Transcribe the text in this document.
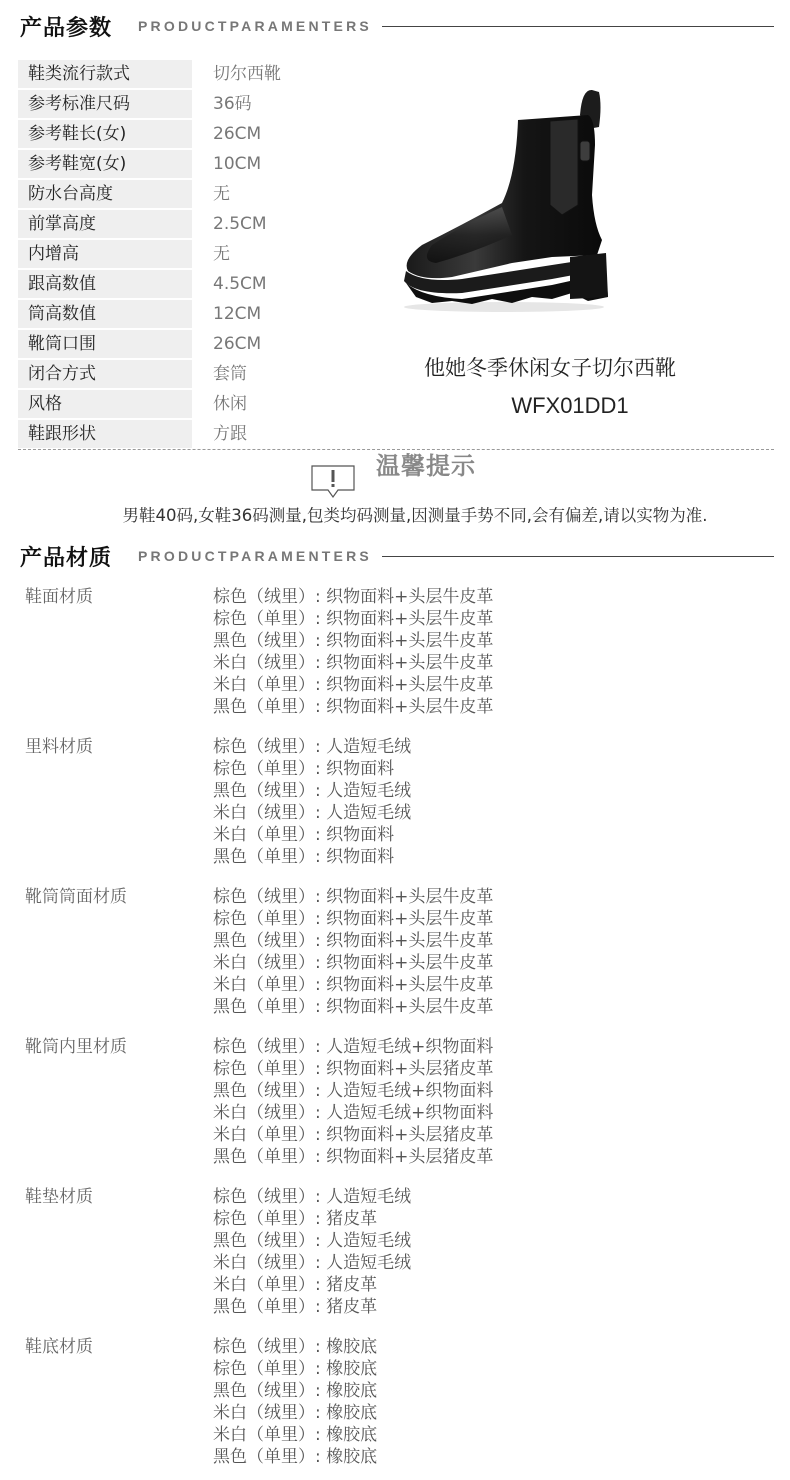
产品参数 PRODUCTPARAMENTERS
鞋类流行款式	切尔西靴
参考标准尺码	36码
参考鞋长(女)	26CM
参考鞋宽(女)	10CM
防水台高度	无
前掌高度	2.5CM
内增高	无
跟高数值	4.5CM
筒高数值	12CM
靴筒口围	26CM
闭合方式	套筒
风格	休闲
鞋跟形状	方跟
他她冬季休闲女子切尔西靴
WFX01DD1
温馨提示
男鞋40码,女鞋36码测量,包类均码测量,因测量手势不同,会有偏差,请以实物为准.
产品材质 PRODUCTPARAMENTERS
鞋面材质	棕色（绒里）: 织物面料+头层牛皮革
棕色（单里）: 织物面料+头层牛皮革
黑色（绒里）: 织物面料+头层牛皮革
米白（绒里）: 织物面料+头层牛皮革
米白（单里）: 织物面料+头层牛皮革
黑色（单里）: 织物面料+头层牛皮革
里料材质	棕色（绒里）: 人造短毛绒
棕色（单里）: 织物面料
黑色（绒里）: 人造短毛绒
米白（绒里）: 人造短毛绒
米白（单里）: 织物面料
黑色（单里）: 织物面料
靴筒筒面材质	棕色（绒里）: 织物面料+头层牛皮革
棕色（单里）: 织物面料+头层牛皮革
黑色（绒里）: 织物面料+头层牛皮革
米白（绒里）: 织物面料+头层牛皮革
米白（单里）: 织物面料+头层牛皮革
黑色（单里）: 织物面料+头层牛皮革
靴筒内里材质	棕色（绒里）: 人造短毛绒+织物面料
棕色（单里）: 织物面料+头层猪皮革
黑色（绒里）: 人造短毛绒+织物面料
米白（绒里）: 人造短毛绒+织物面料
米白（单里）: 织物面料+头层猪皮革
黑色（单里）: 织物面料+头层猪皮革
鞋垫材质	棕色（绒里）: 人造短毛绒
棕色（单里）: 猪皮革
黑色（绒里）: 人造短毛绒
米白（绒里）: 人造短毛绒
米白（单里）: 猪皮革
黑色（单里）: 猪皮革
鞋底材质	棕色（绒里）: 橡胶底
棕色（单里）: 橡胶底
黑色（绒里）: 橡胶底
米白（绒里）: 橡胶底
米白（单里）: 橡胶底
黑色（单里）: 橡胶底
